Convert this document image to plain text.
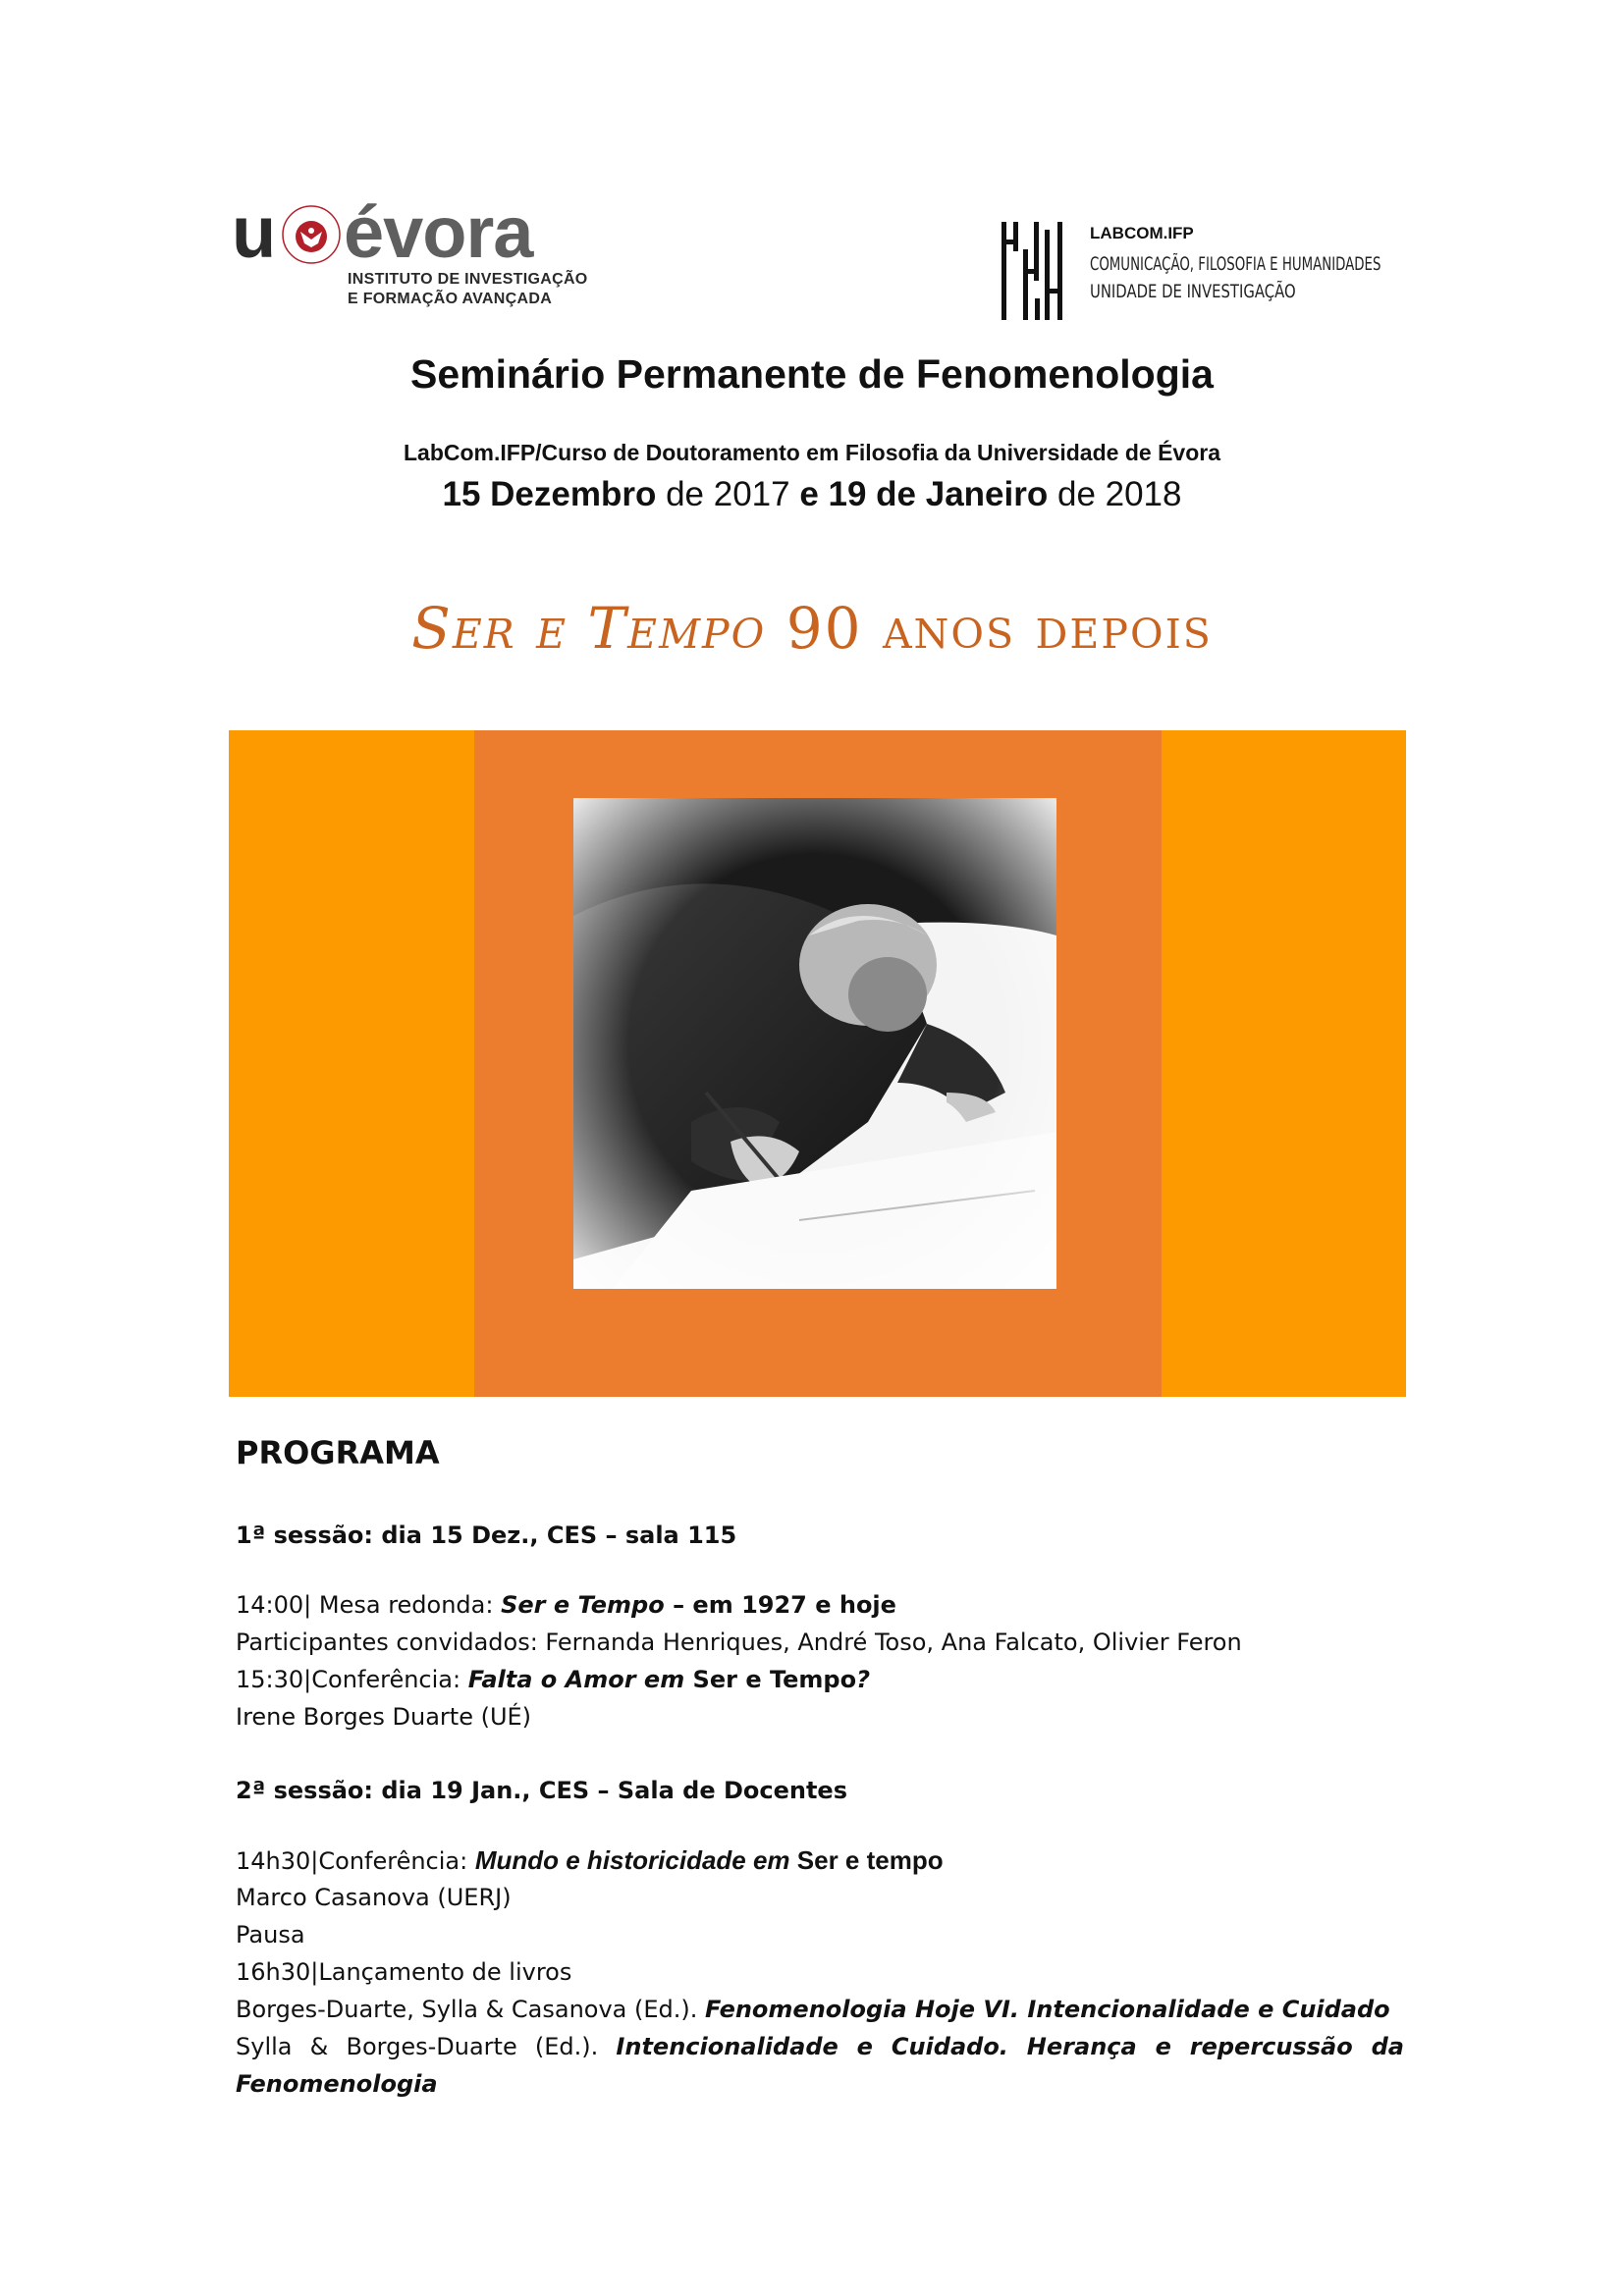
u évora
INSTITUTO DE INVESTIGAÇÃO
E FORMAÇÃO AVANÇADA
LABCOM.IFP
COMUNICAÇÃO, FILOSOFIA E HUMANIDADES
UNIDADE DE INVESTIGAÇÃO
Seminário Permanente de Fenomenologia
LabCom.IFP/Curso de Doutoramento em Filosofia da Universidade de Évora
15 Dezembro de 2017 e 19 de Janeiro de 2018
Ser e Tempo 90 anos depois
PROGRAMA
1ª sessão: dia 15 Dez., CES – sala 115
14:00| Mesa redonda: Ser e Tempo – em 1927 e hoje
Participantes convidados: Fernanda Henriques, André Toso, Ana Falcato, Olivier Feron
15:30|Conferência: Falta o Amor em Ser e Tempo?
Irene Borges Duarte (UÉ)
2ª sessão: dia 19 Jan., CES – Sala de Docentes
14h30|Conferência: Mundo e historicidade em Ser e tempo
Marco Casanova (UERJ)
Pausa
16h30|Lançamento de livros
Borges-Duarte, Sylla & Casanova (Ed.). Fenomenologia Hoje VI. Intencionalidade e Cuidado
Sylla & Borges-Duarte (Ed.). Intencionalidade e Cuidado. Herança e repercussão da
Fenomenologia
